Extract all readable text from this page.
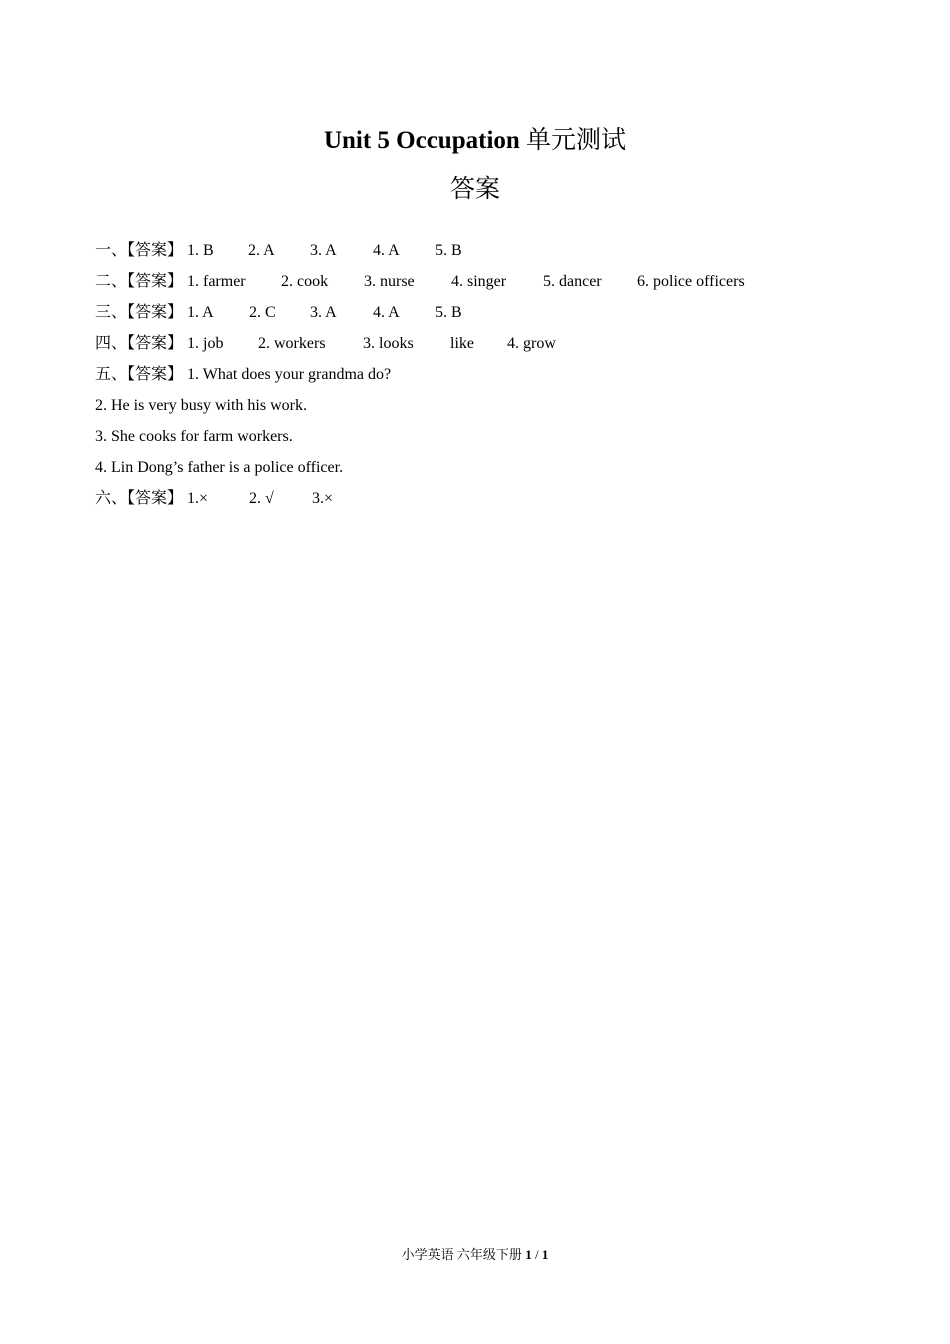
Unit 5 Occupation 单元测试
答案

一、【答案】 1. B 2. A 3. A 4. A 5. B

二、【答案】 1. farmer 2. cook 3. nurse 4. singer 5. dancer 6. police officers

三、【答案】 1. A 2. C 3. A 4. A 5. B

四、【答案】 1. job 2. workers 3. looks like 4. grow

五、【答案】 1. What does your grandma do?

2. He is very busy with his work.

3. She cooks for farm workers.

4. Lin Dong’s father is a police officer.

六、【答案】 1.×	2. √ 3.×

小学英语 六年级下册 1 / 1
